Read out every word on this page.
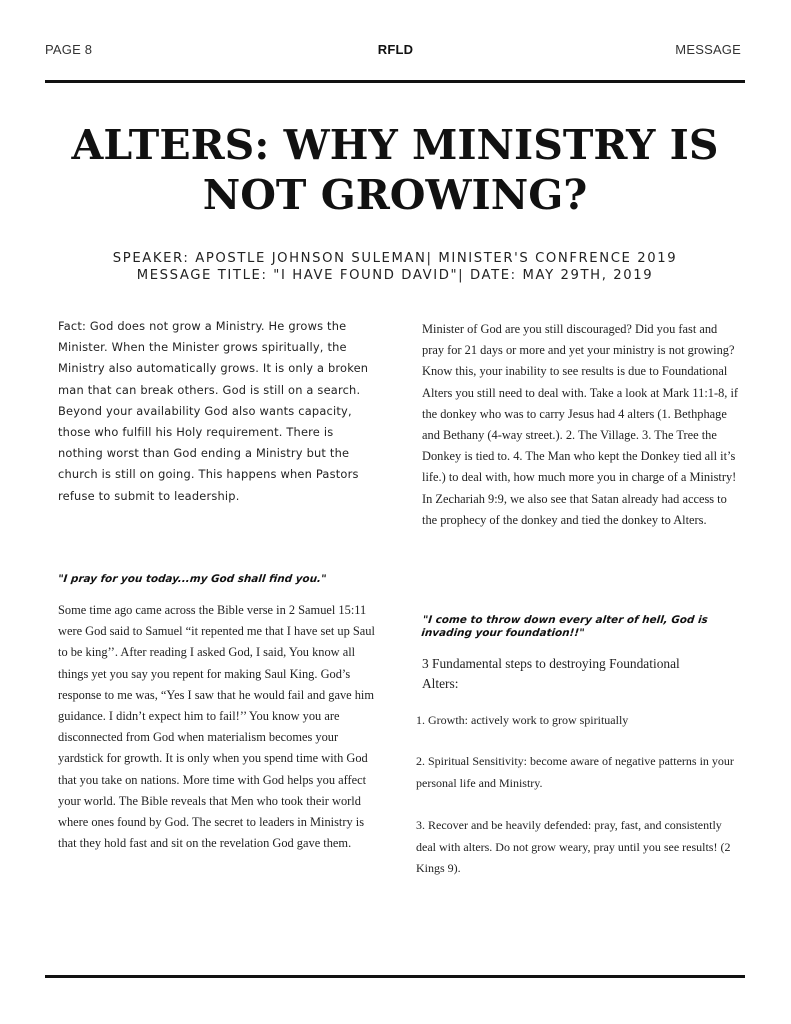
PAGE 8	RFLD	MESSAGE
ALTERS: WHY MINISTRY IS NOT GROWING?
SPEAKER: APOSTLE JOHNSON SULEMAN| MINISTER'S CONFRENCE 2019
MESSAGE TITLE: "I HAVE FOUND DAVID"| DATE: MAY 29TH, 2019

Fact: God does not grow a Ministry. He grows the Minister. When the Minister grows spiritually, the Ministry also automatically grows. It is only a broken man that can break others. God is still on a search. Beyond your availability God also wants capacity, those who fulfill his Holy requirement. There is nothing worst than God ending a Ministry but the church is still on going. This happens when Pastors refuse to submit to leadership.

"I pray for you today...my God shall find you."

Some time ago came across the Bible verse in 2 Samuel 15:11 were God said to Samuel “it repented me that I have set up Saul to be king’’. After reading I asked God, I said, You know all things yet you say you repent for making Saul King. God’s response to me was, “Yes I saw that he would fail and gave him guidance. I didn’t expect him to fail!’’ You know you are disconnected from God when materialism becomes your yardstick for growth. It is only when you spend time with God that you take on nations. More time with God helps you affect your world. The Bible reveals that Men who took their world where ones found by God. The secret to leaders in Ministry is that they hold fast and sit on the revelation God gave them.

Minister of God are you still discouraged? Did you fast and pray for 21 days or more and yet your ministry is not growing? Know this, your inability to see results is due to Foundational Alters you still need to deal with. Take a look at Mark 11:1-8, if the donkey who was to carry Jesus had 4 alters (1. Bethphage and Bethany (4-way street.). 2. The Village. 3. The Tree the Donkey is tied to. 4. The Man who kept the Donkey tied all it’s life.) to deal with, how much more you in charge of a Ministry! In Zechariah 9:9, we also see that Satan already had access to the prophecy of the donkey and tied the donkey to Alters.

"I come to throw down every alter of hell, God is invading your foundation!!"

3 Fundamental steps to destroying Foundational Alters:

1. Growth: actively work to grow spiritually

2. Spiritual Sensitivity: become aware of negative patterns in your personal life and Ministry.

3. Recover and be heavily defended: pray, fast, and consistently deal with alters. Do not grow weary, pray until you see results! (2 Kings 9).
